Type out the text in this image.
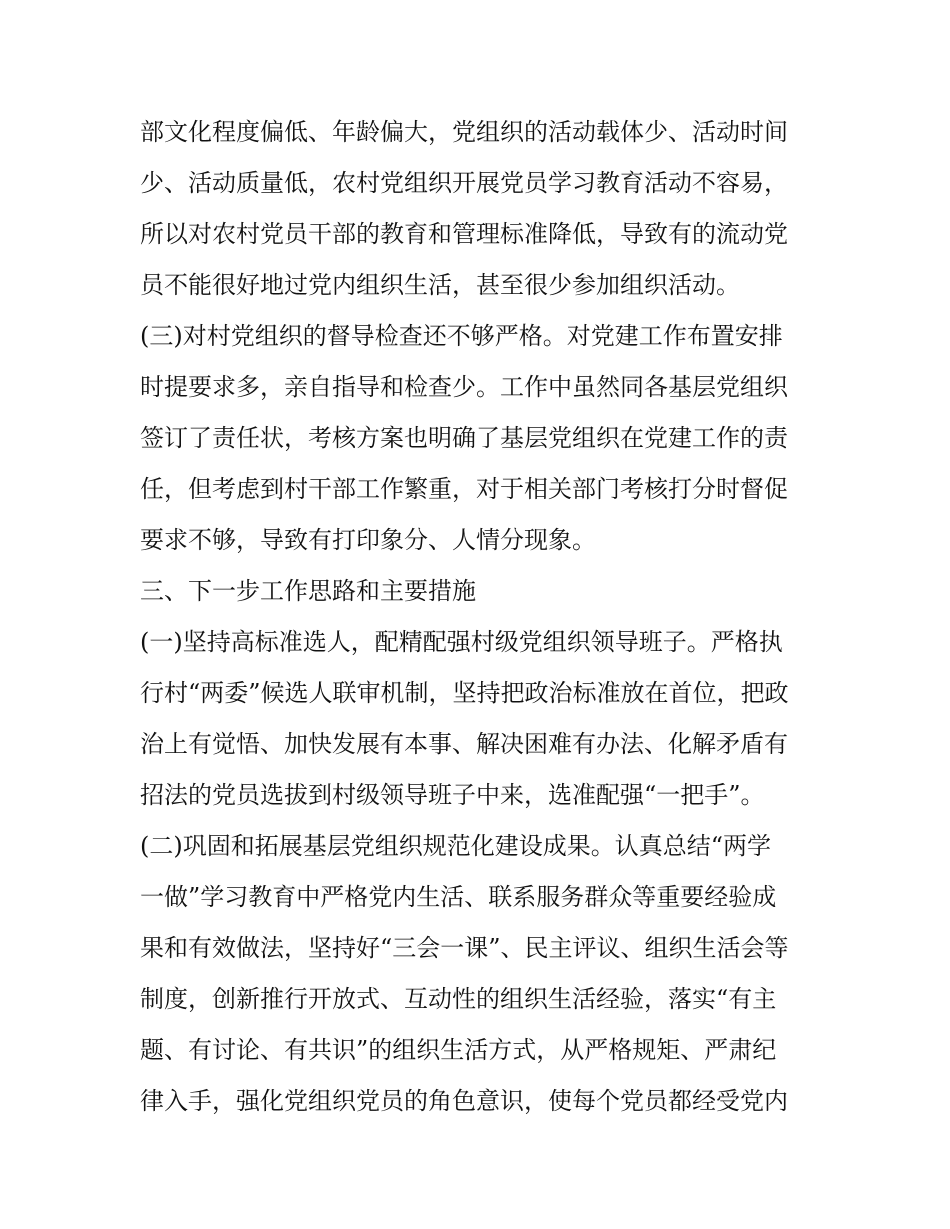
部文化程度偏低、年龄偏大，党组织的活动载体少、活动时间
少、活动质量低，农村党组织开展党员学习教育活动不容易，
所以对农村党员干部的教育和管理标准降低，导致有的流动党
员不能很好地过党内组织生活，甚至很少参加组织活动。
(三)对村党组织的督导检查还不够严格。对党建工作布置安排
时提要求多，亲自指导和检查少。工作中虽然同各基层党组织
签订了责任状，考核方案也明确了基层党组织在党建工作的责
任，但考虑到村干部工作繁重，对于相关部门考核打分时督促
要求不够，导致有打印象分、人情分现象。
三、下一步工作思路和主要措施
(一)坚持高标准选人，配精配强村级党组织领导班子。严格执
行村“两委”候选人联审机制，坚持把政治标准放在首位，把政
治上有觉悟、加快发展有本事、解决困难有办法、化解矛盾有
招法的党员选拔到村级领导班子中来，选准配强“一把手”。
(二)巩固和拓展基层党组织规范化建设成果。认真总结“两学
一做”学习教育中严格党内生活、联系服务群众等重要经验成
果和有效做法，坚持好“三会一课”、民主评议、组织生活会等
制度，创新推行开放式、互动性的组织生活经验，落实“有主
题、有讨论、有共识”的组织生活方式，从严格规矩、严肃纪
律入手，强化党组织党员的角色意识，使每个党员都经受党内
